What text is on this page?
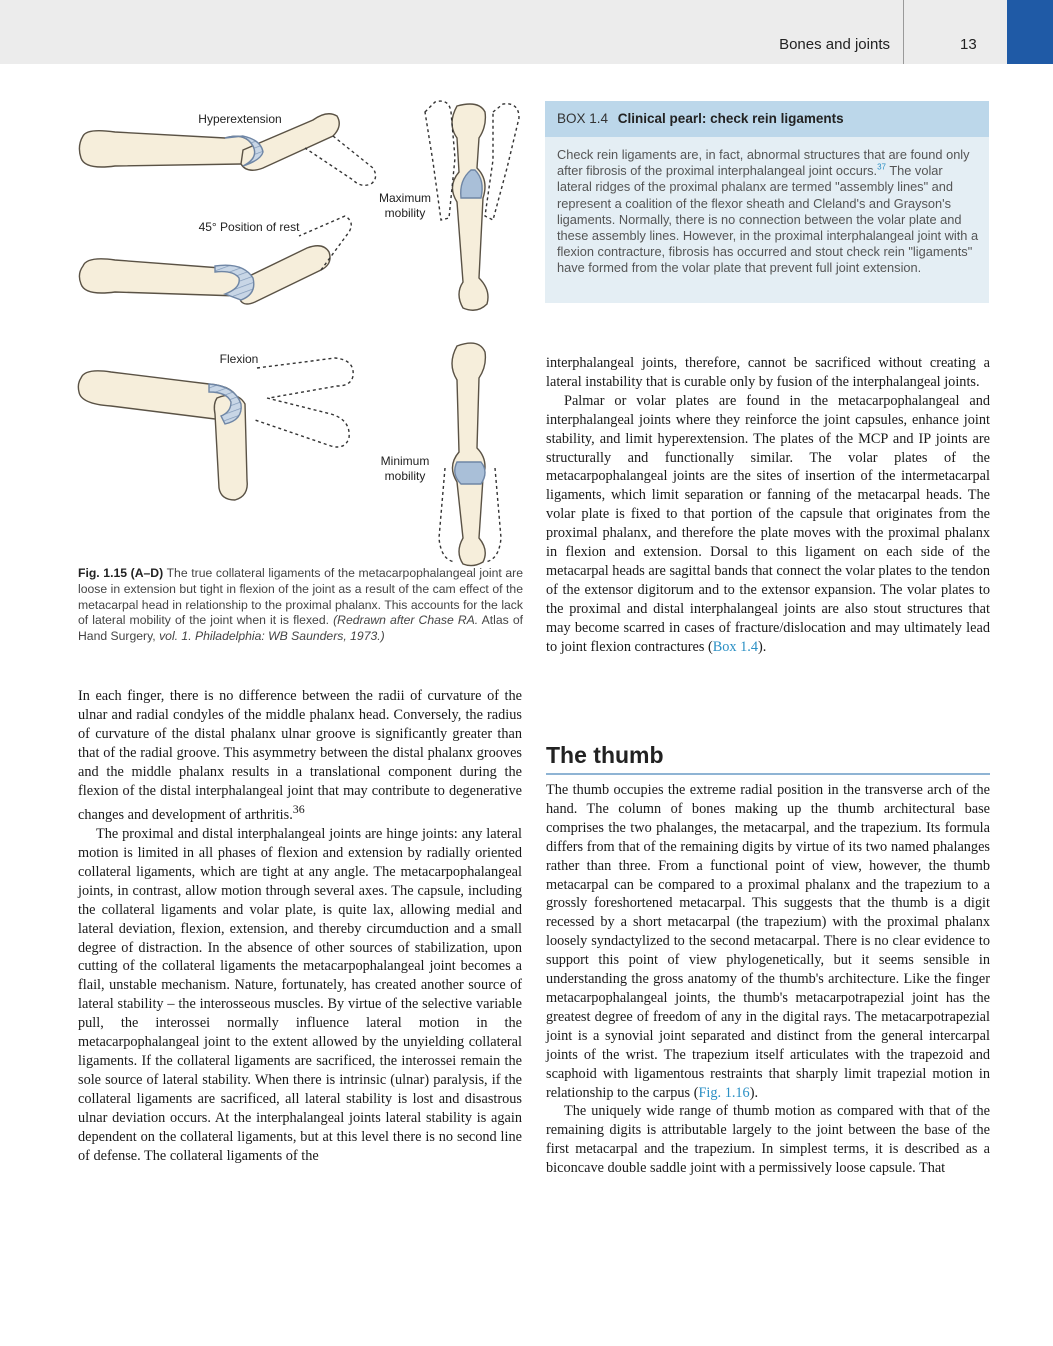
Bones and joints	13
Hyperextension
45° Position of rest
Maximum mobility
Flexion
Minimum mobility
Fig. 1.15 (A–D) The true collateral ligaments of the metacarpophalangeal joint are loose in extension but tight in flexion of the joint as a result of the cam effect of the metacarpal head in relationship to the proximal phalanx. This accounts for the lack of lateral mobility of the joint when it is flexed. (Redrawn after Chase RA. Atlas of Hand Surgery, vol. 1. Philadelphia: WB Saunders, 1973.)
BOX 1.4 Clinical pearl: check rein ligaments
Check rein ligaments are, in fact, abnormal structures that are found only after fibrosis of the proximal interphalangeal joint occurs.$^{37}$ The volar lateral ridges of the proximal phalanx are termed "assembly lines" and represent a coalition of the flexor sheath and Cleland's and Grayson's ligaments. Normally, there is no connection between the volar plate and these assembly lines. However, in the proximal interphalangeal joint with a flexion contracture, fibrosis has occurred and stout check rein "ligaments" have formed from the volar plate that prevent full joint extension.

In each finger, there is no difference between the radii of curvature of the ulnar and radial condyles of the middle phalanx head. Conversely, the radius of curvature of the distal phalanx ulnar groove is significantly greater than that of the radial groove. This asymmetry between the distal phalanx grooves and the middle phalanx results in a translational component during the flexion of the distal interphalangeal joint that may contribute to degenerative changes and development of arthritis.$^{36}$

The proximal and distal interphalangeal joints are hinge joints: any lateral motion is limited in all phases of flexion and extension by radially oriented collateral ligaments, which are tight at any angle. The metacarpophalangeal joints, in contrast, allow motion through several axes. The capsule, including the collateral ligaments and volar plate, is quite lax, allowing medial and lateral deviation, flexion, extension, and thereby circumduction and a small degree of distraction. In the absence of other sources of stabilization, upon cutting of the collateral ligaments the metacarpophalangeal joint becomes a flail, unstable mechanism. Nature, fortunately, has created another source of lateral stability – the interosseous muscles. By virtue of the selective variable pull, the interossei normally influence lateral motion in the metacarpophalangeal joint to the extent allowed by the unyielding collateral ligaments. If the collateral ligaments are sacrificed, the interossei remain the sole source of lateral stability. When there is intrinsic (ulnar) paralysis, if the collateral ligaments are sacrificed, all lateral stability is lost and disastrous ulnar deviation occurs. At the interphalangeal joints lateral stability is again dependent on the collateral ligaments, but at this level there is no second line of defense. The collateral ligaments of the

interphalangeal joints, therefore, cannot be sacrificed without creating a lateral instability that is curable only by fusion of the interphalangeal joints.

Palmar or volar plates are found in the metacarpophalangeal and interphalangeal joints where they reinforce the joint capsules, enhance joint stability, and limit hyperextension. The plates of the MCP and IP joints are structurally and functionally similar. The volar plates of the metacarpophalangeal joints are the sites of insertion of the intermetacarpal ligaments, which limit separation or fanning of the metacarpal heads. The volar plate is fixed to that portion of the capsule that originates from the proximal phalanx, and therefore the plate moves with the proximal phalanx in flexion and extension. Dorsal to this ligament on each side of the metacarpal heads are sagittal bands that connect the volar plates to the tendon of the extensor digitorum and to the extensor expansion. The volar plates to the proximal and distal interphalangeal joints are also stout structures that may become scarred in cases of fracture/dislocation and may ultimately lead to joint flexion contractures (Box 1.4).

The thumb

The thumb occupies the extreme radial position in the transverse arch of the hand. The column of bones making up the thumb architectural base comprises the two phalanges, the metacarpal, and the trapezium. Its formula differs from that of the remaining digits by virtue of its two named phalanges rather than three. From a functional point of view, however, the thumb metacarpal can be compared to a proximal phalanx and the trapezium to a grossly foreshortened metacarpal. This suggests that the thumb is a digit recessed by a short metacarpal (the trapezium) with the proximal phalanx loosely syndactylized to the second metacarpal. There is no clear evidence to support this point of view phylogenetically, but it seems sensible in understanding the gross anatomy of the thumb's architecture. Like the finger metacarpophalangeal joints, the thumb's metacarpotrapezial joint has the greatest degree of freedom of any in the digital rays. The metacarpotrapezial joint is a synovial joint separated and distinct from the general intercarpal joints of the wrist. The trapezium itself articulates with the trapezoid and scaphoid with ligamentous restraints that sharply limit trapezial motion in relationship to the carpus (Fig. 1.16).

The uniquely wide range of thumb motion as compared with that of the remaining digits is attributable largely to the joint between the base of the first metacarpal and the trapezium. In simplest terms, it is described as a biconcave double saddle joint with a permissively loose capsule. That
